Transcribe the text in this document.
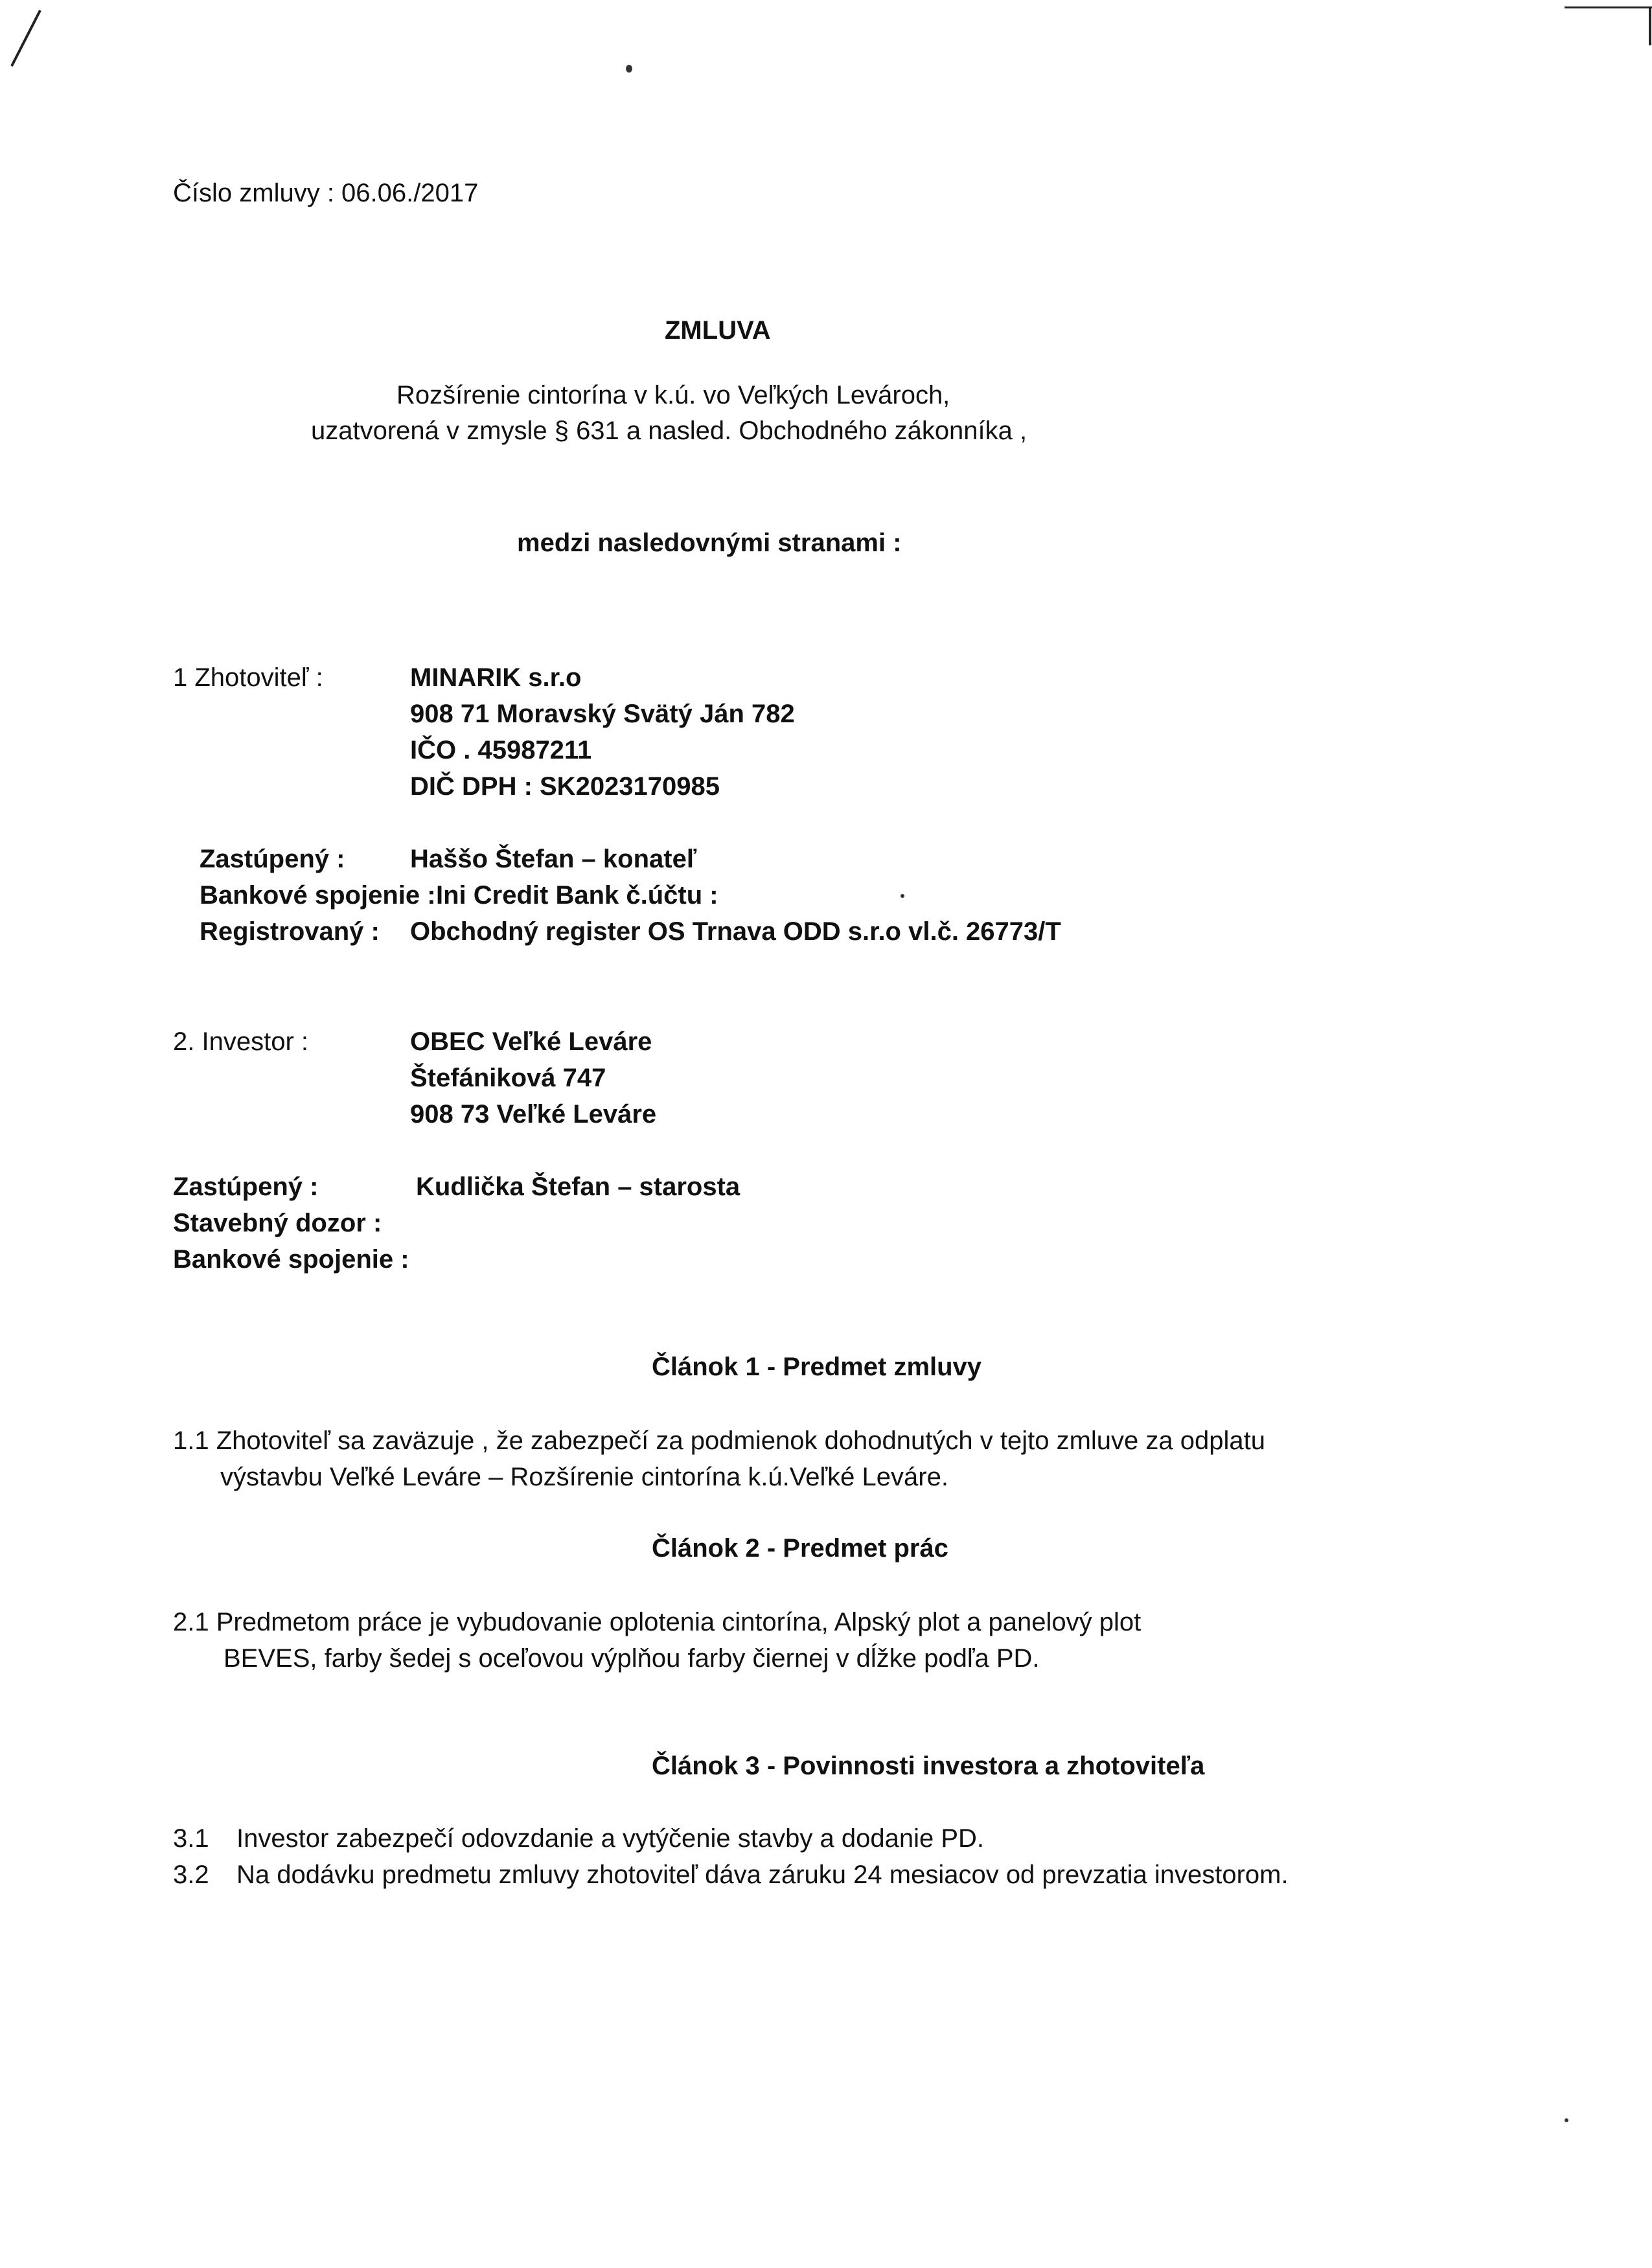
Číslo zmluvy : 06.06./2017
ZMLUVA
Rozšírenie cintorína v k.ú. vo Veľkých Levároch,
uzatvorená v zmysle § 631 a nasled. Obchodného zákonníka ,
medzi nasledovnými stranami :
1 Zhotoviteľ :	MINARIK s.r.o
908 71 Moravský Svätý Ján 782
IČO . 45987211
DIČ DPH : SK2023170985
Zastúpený :	Haššo Štefan – konateľ
Bankové spojenie : Ini Credit Bank č.účtu :
Registrovaný : Obchodný register OS Trnava ODD s.r.o vl.č. 26773/T
2. Investor :	OBEC Veľké Leváre
Štefániková 747
908 73 Veľké Leváre
Zastúpený :	Kudlička Štefan – starosta
Stavebný dozor :
Bankové spojenie :
Článok 1 - Predmet zmluvy
1.1 Zhotoviteľ sa zaväzuje , že zabezpečí za podmienok dohodnutých v tejto zmluve za odplatu
výstavbu Veľké Leváre – Rozšírenie cintorína k.ú.Veľké Leváre.
Článok 2 - Predmet prác
2.1 Predmetom práce je vybudovanie oplotenia cintorína, Alpský plot a panelový plot
BEVES, farby šedej s oceľovou výplňou farby čiernej v dĺžke podľa PD.
Článok 3 - Povinnosti investora a zhotoviteľa
3.1 Investor zabezpečí odovzdanie a vytýčenie stavby a dodanie PD.
3.2 Na dodávku predmetu zmluvy zhotoviteľ dáva záruku 24 mesiacov od prevzatia investorom.
